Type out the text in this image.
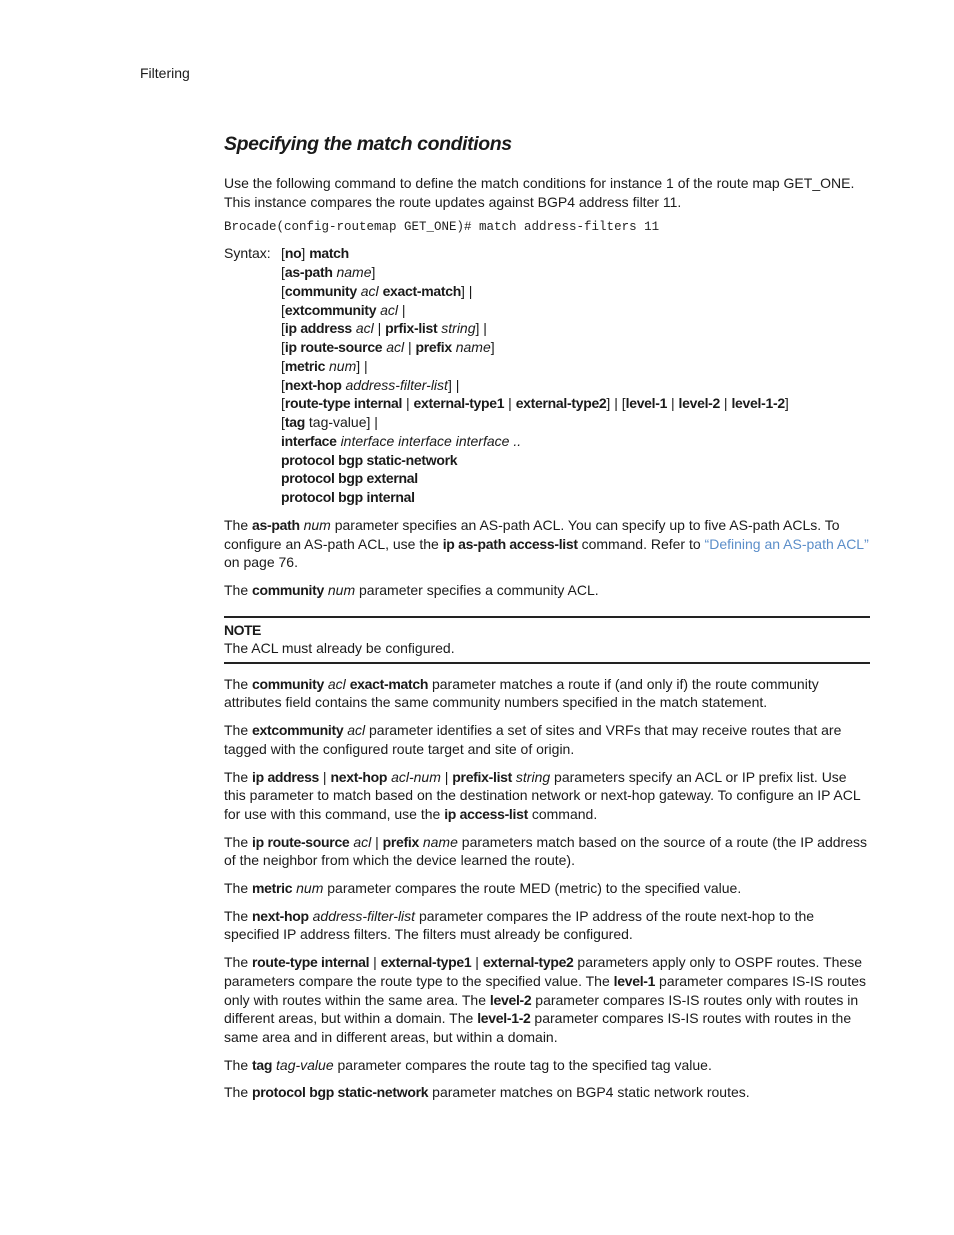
Filtering
Specifying the match conditions

Use the following command to define the match conditions for instance 1 of the route map GET_ONE. This instance compares the route updates against BGP4 address filter 11.

Brocade(config-routemap GET_ONE)# match address-filters 11
Syntax: [no] match
[as-path name]
[community acl exact-match] |
[extcommunity acl |
[ip address acl | prfix-list string] |
[ip route-source acl | prefix name]
[metric num] |
[next-hop address-filter-list] |
[route-type internal | external-type1 | external-type2] | [level-1 | level-2 | level-1-2]
[tag tag-value] |
interface interface interface interface ..
protocol bgp static-network
protocol bgp external
protocol bgp internal

The as-path num parameter specifies an AS-path ACL. You can specify up to five AS-path ACLs. To configure an AS-path ACL, use the ip as-path access-list command. Refer to “Defining an AS-path ACL” on page 76.

The community num parameter specifies a community ACL.

NOTE
The ACL must already be configured.

The community acl exact-match parameter matches a route if (and only if) the route community attributes field contains the same community numbers specified in the match statement.

The extcommunity acl parameter identifies a set of sites and VRFs that may receive routes that are tagged with the configured route target and site of origin.

The ip address | next-hop acl-num | prefix-list string parameters specify an ACL or IP prefix list. Use this parameter to match based on the destination network or next-hop gateway. To configure an IP ACL for use with this command, use the ip access-list command.

The ip route-source acl | prefix name parameters match based on the source of a route (the IP address of the neighbor from which the device learned the route).

The metric num parameter compares the route MED (metric) to the specified value.

The next-hop address-filter-list parameter compares the IP address of the route next-hop to the specified IP address filters. The filters must already be configured.

The route-type internal | external-type1 | external-type2 parameters apply only to OSPF routes. These parameters compare the route type to the specified value. The level-1 parameter compares IS-IS routes only with routes within the same area. The level-2 parameter compares IS-IS routes only with routes in different areas, but within a domain. The level-1-2 parameter compares IS-IS routes with routes in the same area and in different areas, but within a domain.

The tag tag-value parameter compares the route tag to the specified tag value.

The protocol bgp static-network parameter matches on BGP4 static network routes.
